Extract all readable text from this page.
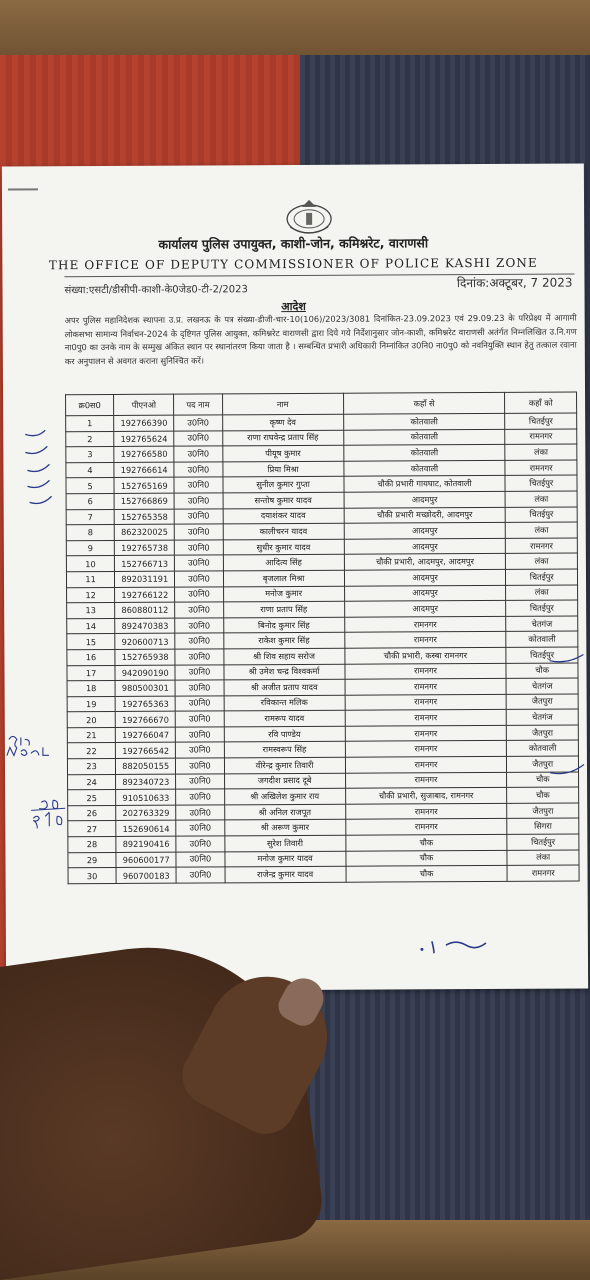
कार्यालय पुलिस उपायुक्त, काशी-जोन, कमिश्नरेट, वाराणसी
THE OFFICE OF DEPUTY COMMISSIONER OF POLICE KASHI ZONE
संख्या:एसटी/डीसीपी-काशी-के0जेड0-टी-2/2023
दिनांक:अक्टूबर, 7 2023
आदेश
अपर पुलिस महानिदेशक स्थापना उ.प्र. लखनऊ के पत्र संख्या-डीजी-चार-10(106)/2023/3081 दिनांकित-23.09.2023 एवं 29.09.23 के परिप्रेक्ष्य में आगामी लोकसभा सामान्य निर्वाचन-2024 के दृष्टिगत पुलिस आयुक्त, कमिश्नरेट वाराणसी द्वारा दिये गये निर्देशानुसार जोन-काशी, कमिश्नरेट वाराणसी अतंर्गत निम्नलिखित उ.नि.गण ना0पु0 का उनके नाम के सम्मुख अंकित स्थान पर स्थानांतरण किया जाता है । सम्बन्धित प्रभारी अधिकारी निम्नांकित उ0नि0 ना0पु0 को नवनियुक्ति स्थान हेतु तत्काल रवाना कर अनुपालन से अवगत कराना सुनिश्चित करें।
क्र0स0	पीएनओ	पद नाम	नाम	कहाँ से	कहाँ को
1	192766390	उ0नि0	कृष्ण देव	कोतवाली	चितईपुर
2	192765624	उ0नि0	राणा राघवेन्द्र प्रताप सिंह	कोतवाली	रामनगर
3	192766580	उ0नि0	पीयूष कुमार	कोतवाली	लंका
4	192766614	उ0नि0	प्रिया मिश्रा	कोतवाली	रामनगर
5	152765169	उ0नि0	सुनील कुमार गुप्ता	चौकी प्रभारी गायघाट, कोतवाली	चितईपुर
6	152766869	उ0नि0	सन्तोष कुमार यादव	आदमपुर	लंका
7	152765358	उ0नि0	दयाशंकर यादव	चौकी प्रभारी मच्छोदरी, आदमपुर	चितईपुर
8	862320025	उ0नि0	कालीचरन यादव	आदमपुर	लंका
9	192765738	उ0नि0	सुधीर कुमार यादव	आदमपुर	रामनगर
10	152766713	उ0नि0	आदित्य सिंह	चौकी प्रभारी, आदमपुर, आदमपुर	लंका
11	892031191	उ0नि0	बृजलाल मिश्रा	आदमपुर	चितईपुर
12	192766122	उ0नि0	मनोज कुमार	आदमपुर	लंका
13	860880112	उ0नि0	राणा प्रताप सिंह	आदमपुर	चितईपुर
14	892470383	उ0नि0	बिनोद कुमार सिंह	रामनगर	चेतगंज
15	920600713	उ0नि0	राकेश कुमार सिंह	रामनगर	कोतवाली
16	152765938	उ0नि0	श्री शिव सहाय सरोज	चौकी प्रभारी, कस्बा रामनगर	चितईपुर
17	942090190	उ0नि0	श्री उमेश चन्द्र विश्वकर्मा	रामनगर	चौक
18	980500301	उ0नि0	श्री अजीत प्रताप यादव	रामनगर	चेतगंज
19	192765363	उ0नि0	रविकान्त मलिक	रामनगर	जैतपुरा
20	192766670	उ0नि0	रामरूप यादव	रामनगर	चेतगंज
21	192766047	उ0नि0	रवि पाण्डेय	रामनगर	जैतपुरा
22	192766542	उ0नि0	रामस्वरूप सिंह	रामनगर	कोतवाली
23	882050155	उ0नि0	वीरेन्द्र कुमार तिवारी	रामनगर	जैतपुरा
24	892340723	उ0नि0	जगदीश प्रसाद दूबे	रामनगर	चौक
25	910510633	उ0नि0	श्री अखिलेश कुमार राय	चौकी प्रभारी, सुजाबाद, रामनगर	चौक
26	202763329	उ0नि0	श्री अनिल राजपूत	रामनगर	जैतपुरा
27	152690614	उ0नि0	श्री अरूण कुमार	रामनगर	सिगरा
28	892190416	उ0नि0	सुरेश तिवारी	चौक	चितईपुर
29	960600177	उ0नि0	मनोज कुमार यादव	चौक	लंका
30	960700183	उ0नि0	राजेन्द्र कुमार यादव	चौक	रामनगर
